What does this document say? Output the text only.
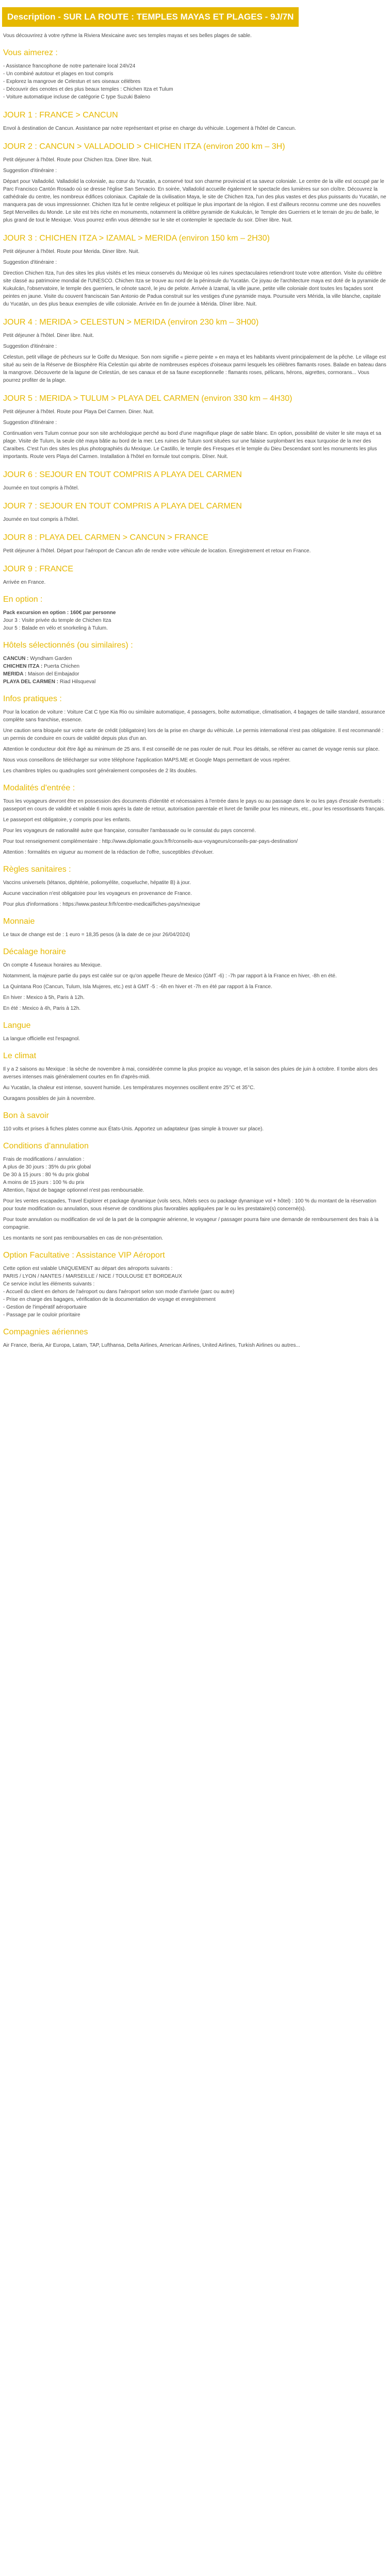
Description - SUR LA ROUTE : TEMPLES MAYAS ET PLAGES - 9J/7N
Vous découvrirez à votre rythme la Riviera Mexicaine avec ses temples mayas et ses belles plages de sable.
Vous aimerez :
- Assistance francophone de notre partenaire local 24h/24
- Un combiné autotour et plages en tout compris
- Explorez la mangrove de Celestun et ses oiseaux célébres
- Découvrir des cenotes et des plus beaux temples : Chichen Itza et Tulum
- Voiture automatique incluse de catégorie C type Suzuki Baleno
JOUR 1 : FRANCE > CANCUN
Envol à destination de Cancun. Assistance par notre représentant et prise en charge du véhicule. Logement à l'hôtel de Cancun.
JOUR 2 : CANCUN > VALLADOLID > CHICHEN ITZA (environ 200 km – 3H)
Petit déjeuner à l'hôtel. Route pour Chichen Itza. Diner libre. Nuit.
Suggestion d'itinéraire :
Départ pour Valladolid. Valladolid la coloniale, au cœur du Yucatán, a conservé tout son charme provincial et sa saveur coloniale. Le centre de la ville est occupé par le Parc Francisco Cantón Rosado où se dresse l'église San Servacio. En soirée, Valladolid accueille également le spectacle des lumières sur son cloître. Découvrez la cathédrale du centre, les nombreux édifices coloniaux. Capitale de la civilisation Maya, le site de Chichen Itza, l'un des plus vastes et des plus puissants du Yucatán, ne manquera pas de vous impressionner. Chichen Itza fut le centre religieux et politique le plus important de la région. Il est d'ailleurs reconnu comme une des nouvelles Sept Merveilles du Monde. Le site est très riche en monuments, notamment la célèbre pyramide de Kukulcán, le Temple des Guerriers et le terrain de jeu de balle, le plus grand de tout le Mexique. Vous pourrez enfin vous détendre sur le site et contempler le spectacle du soir. Dîner libre. Nuit.
JOUR 3 : CHICHEN ITZA > IZAMAL > MERIDA (environ 150 km – 2H30)
Petit déjeuner à l'hôtel. Route pour Merida. Diner libre. Nuit.
Suggestion d'itinéraire :
Direction Chichen Itza, l'un des sites les plus visités et les mieux conservés du Mexique où les ruines spectaculaires retiendront toute votre attention. Visite du célèbre site classé au patrimoine mondial de l'UNESCO. Chichen Itza se trouve au nord de la péninsule du Yucatán. Ce joyau de l'architecture maya est doté de la pyramide de Kukulcán, l'observatoire, le temple des guerriers, le cénote sacré, le jeu de pelote. Arrivée à Izamal, la ville jaune, petite ville coloniale dont toutes les façades sont peintes en jaune. Visite du couvent franciscain San Antonio de Padua construit sur les vestiges d'une pyramide maya. Poursuite vers Mérida, la ville blanche, capitale du Yucatán, un des plus beaux exemples de ville coloniale. Arrivée en fin de journée à Mérida. Dîner libre. Nuit.
JOUR 4 : MERIDA > CELESTUN > MERIDA (environ 230 km – 3H00)
Petit déjeuner à l'hôtel. Diner libre. Nuit.
Suggestion d'itinéraire :
Celestun, petit village de pêcheurs sur le Golfe du Mexique. Son nom signifie « pierre peinte » en maya et les habitants vivent principalement de la pêche. Le village est situé au sein de la Réserve de Biosphère Ría Celestún qui abrite de nombreuses espèces d'oiseaux parmi lesquels les célèbres flamants roses. Balade en bateau dans la mangrove. Découverte de la lagune de Celestún, de ses canaux et de sa faune exceptionnelle : flamants roses, pélicans, hérons, aigrettes, cormorans... Vous pourrez profiter de la plage.
JOUR 5 : MERIDA > TULUM > PLAYA DEL CARMEN (environ 330 km – 4H30)
Petit déjeuner à l'hôtel. Route pour Playa Del Carmen. Diner. Nuit.
Suggestion d'itinéraire :
Continuation vers Tulum connue pour son site archéologique perché au bord d'une magnifique plage de sable blanc. En option, possibilité de visiter le site maya et sa plage. Visite de Tulum, la seule cité maya bâtie au bord de la mer. Les ruines de Tulum sont situées sur une falaise surplombant les eaux turquoise de la mer des Caraïbes. C'est l'un des sites les plus photographiés du Mexique. Le Castillo, le temple des Fresques et le temple du Dieu Descendant sont les monuments les plus importants. Route vers Playa del Carmen. Installation à l'hôtel en formule tout compris. Dîner. Nuit.
JOUR 6 : SEJOUR EN TOUT COMPRIS A PLAYA DEL CARMEN
Journée en tout compris à l'hôtel.
JOUR 7 : SEJOUR EN TOUT COMPRIS A PLAYA DEL CARMEN
Journée en tout compris à l'hôtel.
JOUR 8 : PLAYA DEL CARMEN > CANCUN > FRANCE
Petit déjeuner à l'hôtel. Départ pour l'aéroport de Cancun afin de rendre votre véhicule de location. Enregistrement et retour en France.
JOUR 9 : FRANCE
Arrivée en France.
En option :
Pack excursion en option : 160€ par personne
Jour 3 : Visite privée du temple de Chichen Itza
Jour 5 : Balade en vélo et snorkeling à Tulum.
Hôtels sélectionnés (ou similaires) :
CANCUN : Wyndham Garden
CHICHEN ITZA : Puerta Chichen
MERIDA : Maison del Embajador
PLAYA DEL CARMEN : Riad Hilsqueval
Infos pratiques :
Pour la location de voiture : Voiture Cat C type Kia Rio ou similaire automatique, 4 passagers, boîte automatique, climatisation, 4 bagages de taille standard, assurance complète sans franchise, essence.
Une caution sera bloquée sur votre carte de crédit (obligatoire) lors de la prise en charge du véhicule. Le permis international n'est pas obligatoire. Il est recommandé : un permis de conduire en cours de validité depuis plus d'un an.
Attention le conducteur doit être âgé au minimum de 25 ans. Il est conseillé de ne pas rouler de nuit. Pour les détails, se référer au carnet de voyage remis sur place.
Nous vous conseillons de télécharger sur votre téléphone l'application MAPS.ME et Google Maps permettant de vous repérer.
Les chambres triples ou quadruples sont généralement composées de 2 lits doubles.
Modalités d'entrée :
Tous les voyageurs devront être en possession des documents d'identité et nécessaires à l'entrée dans le pays ou au passage dans le ou les pays d'escale éventuels : passeport en cours de validité et valable 6 mois après la date de retour, autorisation parentale et livret de famille pour les mineurs, etc., pour les ressortissants français.
Le passeport est obligatoire, y compris pour les enfants.
Pour les voyageurs de nationalité autre que française, consulter l'ambassade ou le consulat du pays concerné.
Pour tout renseignement complémentaire : http://www.diplomatie.gouv.fr/fr/conseils-aux-voyageurs/conseils-par-pays-destination/
Attention : formalités en vigueur au moment de la rédaction de l'offre, susceptibles d'évoluer.
Règles sanitaires :
Vaccins universels (tétanos, diphtérie, poliomyélite, coqueluche, hépatite B) à jour.
Aucune vaccination n'est obligatoire pour les voyageurs en provenance de France.
Pour plus d'informations : https://www.pasteur.fr/fr/centre-medical/fiches-pays/mexique
Monnaie
Le taux de change est de : 1 euro = 18,35 pesos (à la date de ce jour 26/04/2024)
Décalage horaire
On compte 4 fuseaux horaires au Mexique.
Notamment, la majeure partie du pays est calée sur ce qu'on appelle l'heure de Mexico (GMT -6) : -7h par rapport à la France en hiver, -8h en été.
La Quintana Roo (Cancun, Tulum, Isla Mujeres, etc.) est à GMT -5 : -6h en hiver et -7h en été par rapport à la France.
En hiver : Mexico à 5h, Paris à 12h.
En été : Mexico à 4h, Paris à 12h.
Langue
La langue officielle est l'espagnol.
Le climat
Il y a 2 saisons au Mexique : la sèche de novembre à mai, considérée comme la plus propice au voyage, et la saison des pluies de juin à octobre. Il tombe alors des averses intenses mais généralement courtes en fin d'après-midi.
Au Yucatán, la chaleur est intense, souvent humide. Les températures moyennes oscillent entre 25°C et 35°C.
Ouragans possibles de juin à novembre.
Bon à savoir
110 volts et prises à fiches plates comme aux États-Unis. Apportez un adaptateur (pas simple à trouver sur place).
Conditions d'annulation
Frais de modifications / annulation :
A plus de 30 jours : 35% du prix global
De 30 à 15 jours : 80 % du prix global
A moins de 15 jours : 100 % du prix
Attention, l'ajout de bagage optionnel n'est pas remboursable.
Pour les ventes escapades, Travel Explorer et package dynamique (vols secs, hôtels secs ou package dynamique vol + hôtel) : 100 % du montant de la réservation pour toute modification ou annulation, sous réserve de conditions plus favorables appliquées par le ou les prestataire(s) concerné(s).
Pour toute annulation ou modification de vol de la part de la compagnie aérienne, le voyageur / passager pourra faire une demande de remboursement des frais à la compagnie.
Les montants ne sont pas remboursables en cas de non-présentation.
Option Facultative : Assistance VIP Aéroport
Cette option est valable UNIQUEMENT au départ des aéroports suivants :
PARIS / LYON / NANTES / MARSEILLE / NICE / TOULOUSE ET BORDEAUX
Ce service inclut les éléments suivants :
- Accueil du client en dehors de l'aéroport ou dans l'aéroport selon son mode d'arrivée (parc ou autre)
- Prise en charge des bagages, vérification de la documentation de voyage et enregistrement
- Gestion de l'impératif aéroportuaire
- Passage par le couloir prioritaire
Compagnies aériennes
Air France, Iberia, Air Europa, Latam, TAP, Lufthansa, Delta Airlines, American Airlines, United Airlines, Turkish Airlines ou autres...
